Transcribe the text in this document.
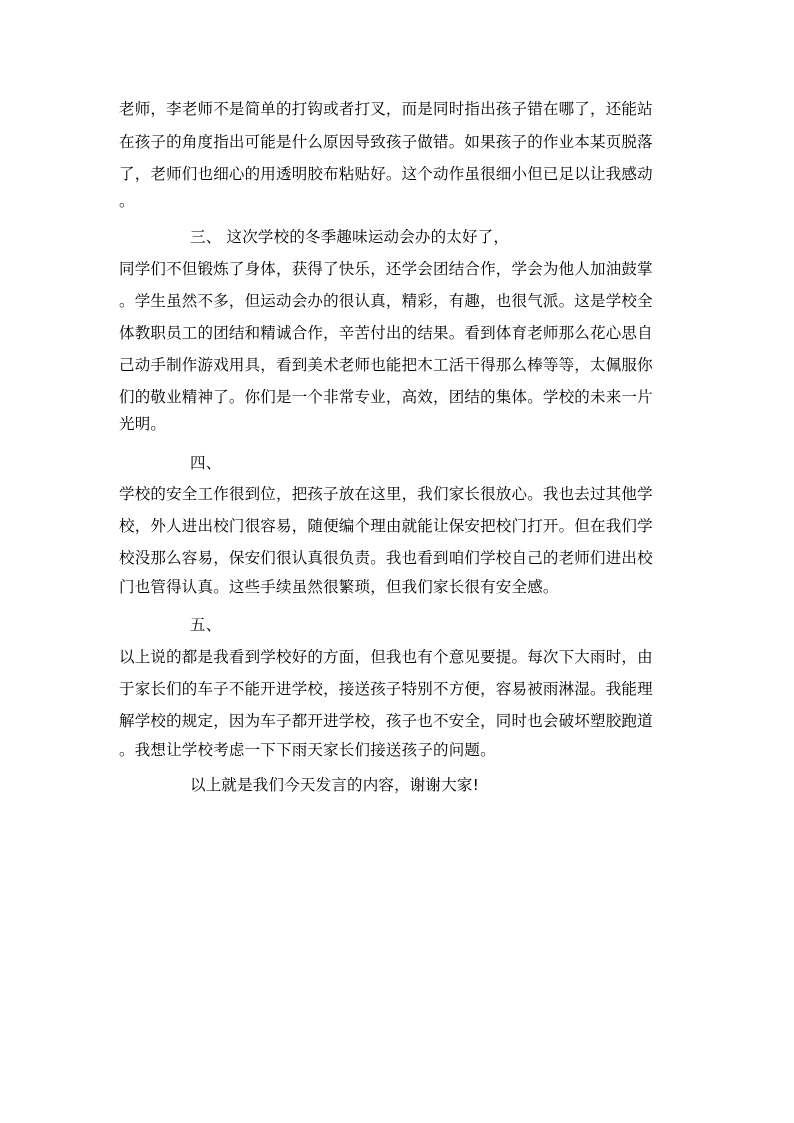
老师，李老师不是简单的打钩或者打叉，而是同时指出孩子错在哪了，还能站
在孩子的角度指出可能是什么原因导致孩子做错。如果孩子的作业本某页脱落
了，老师们也细心的用透明胶布粘贴好。这个动作虽很细小但已足以让我感动
。
三、 这次学校的冬季趣味运动会办的太好了，
同学们不但锻炼了身体，获得了快乐，还学会团结合作，学会为他人加油鼓掌
。学生虽然不多，但运动会办的很认真，精彩，有趣，也很气派。这是学校全
体教职员工的团结和精诚合作，辛苦付出的结果。看到体育老师那么花心思自
己动手制作游戏用具，看到美术老师也能把木工活干得那么棒等等，太佩服你
们的敬业精神了。你们是一个非常专业，高效，团结的集体。学校的未来一片
光明。
四、
学校的安全工作很到位，把孩子放在这里，我们家长很放心。我也去过其他学
校，外人进出校门很容易，随便编个理由就能让保安把校门打开。但在我们学
校没那么容易，保安们很认真很负责。我也看到咱们学校自己的老师们进出校
门也管得认真。这些手续虽然很繁琐，但我们家长很有安全感。
五、
以上说的都是我看到学校好的方面，但我也有个意见要提。每次下大雨时，由
于家长们的车子不能开进学校，接送孩子特别不方便，容易被雨淋湿。我能理
解学校的规定，因为车子都开进学校，孩子也不安全，同时也会破坏塑胶跑道
。我想让学校考虑一下下雨天家长们接送孩子的问题。
以上就是我们今天发言的内容，谢谢大家!
